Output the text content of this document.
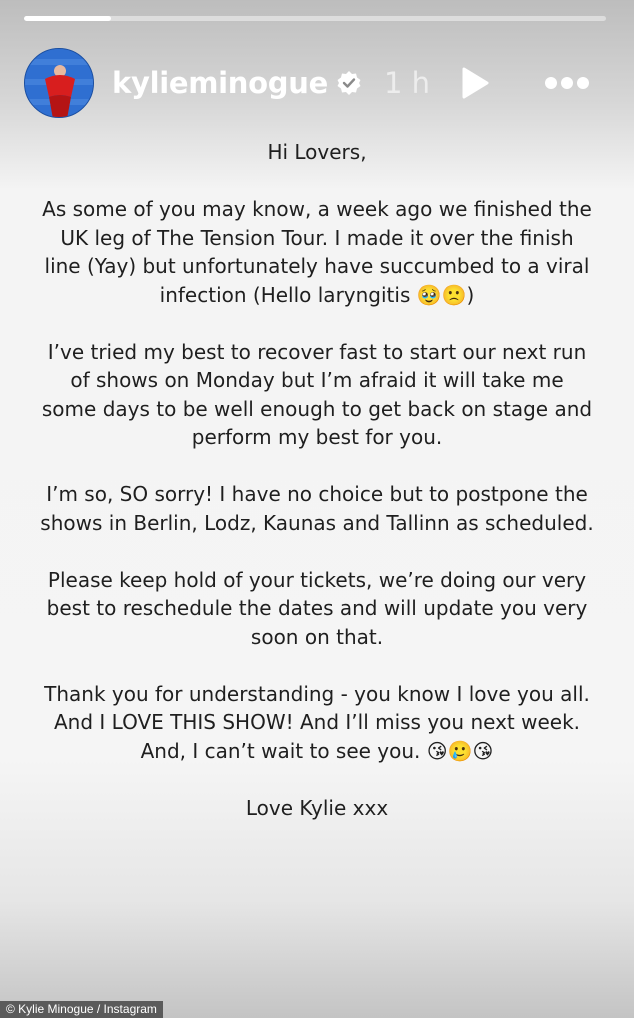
kylieminogue 1 h

Hi Lovers,

As some of you may know, a week ago we finished the UK leg of The Tension Tour. I made it over the finish line (Yay) but unfortunately have succumbed to a viral infection (Hello laryngitis 🥹🙁)

I’ve tried my best to recover fast to start our next run of shows on Monday but I’m afraid it will take me some days to be well enough to get back on stage and perform my best for you.

I’m so, SO sorry! I have no choice but to postpone the shows in Berlin, Lodz, Kaunas and Tallinn as scheduled.

Please keep hold of your tickets, we’re doing our very best to reschedule the dates and will update you very soon on that.

Thank you for understanding - you know I love you all. And I LOVE THIS SHOW! And I’ll miss you next week. And, I can’t wait to see you. 😘🥲😘

Love Kylie xxx

© Kylie Minogue / Instagram
